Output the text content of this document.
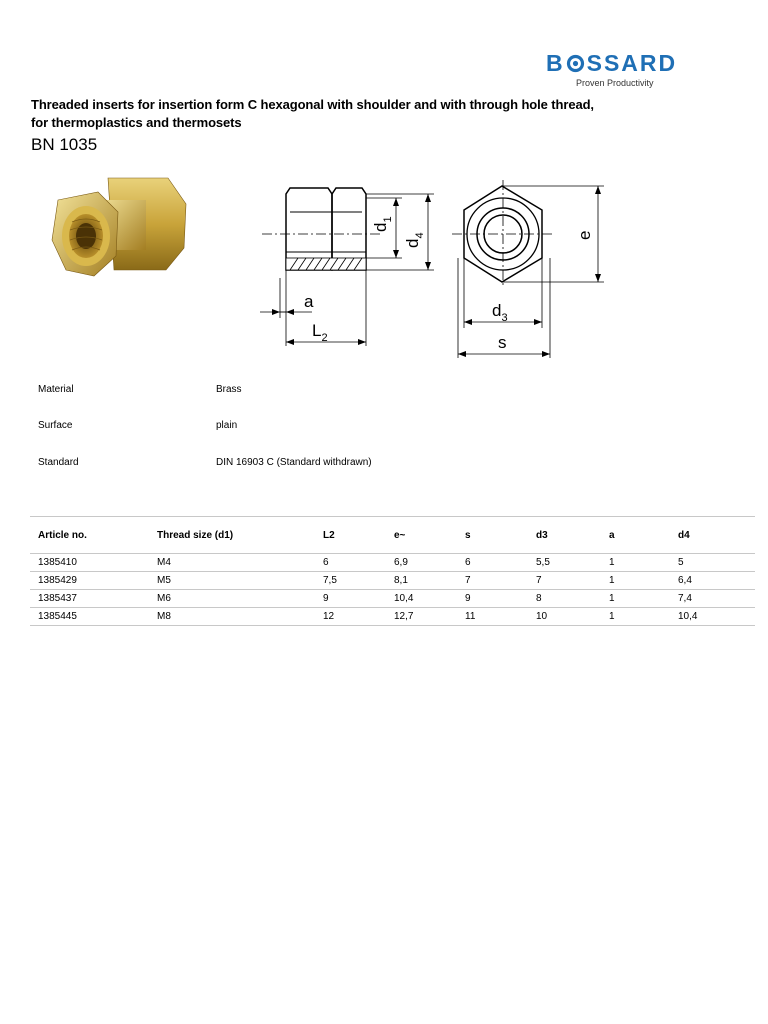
B SSARD
Proven Productivity
Threaded inserts for insertion form C hexagonal with shoulder and with through hole thread,
for thermoplastics and thermosets
BN 1035
$d_1$
$d_4$
a
$L_2$
e
$d_3$
s
Material	Brass
Surface	plain
Standard	DIN 16903 C (Standard withdrawn)
Article no.	Thread size (d1)	L2	e~	s	d3	a	d4
1385410	M4	6	6,9	6	5,5	1	5
1385429	M5	7,5	8,1	7	7	1	6,4
1385437	M6	9	10,4	9	8	1	7,4
1385445	M8	12	12,7	11	10	1	10,4
